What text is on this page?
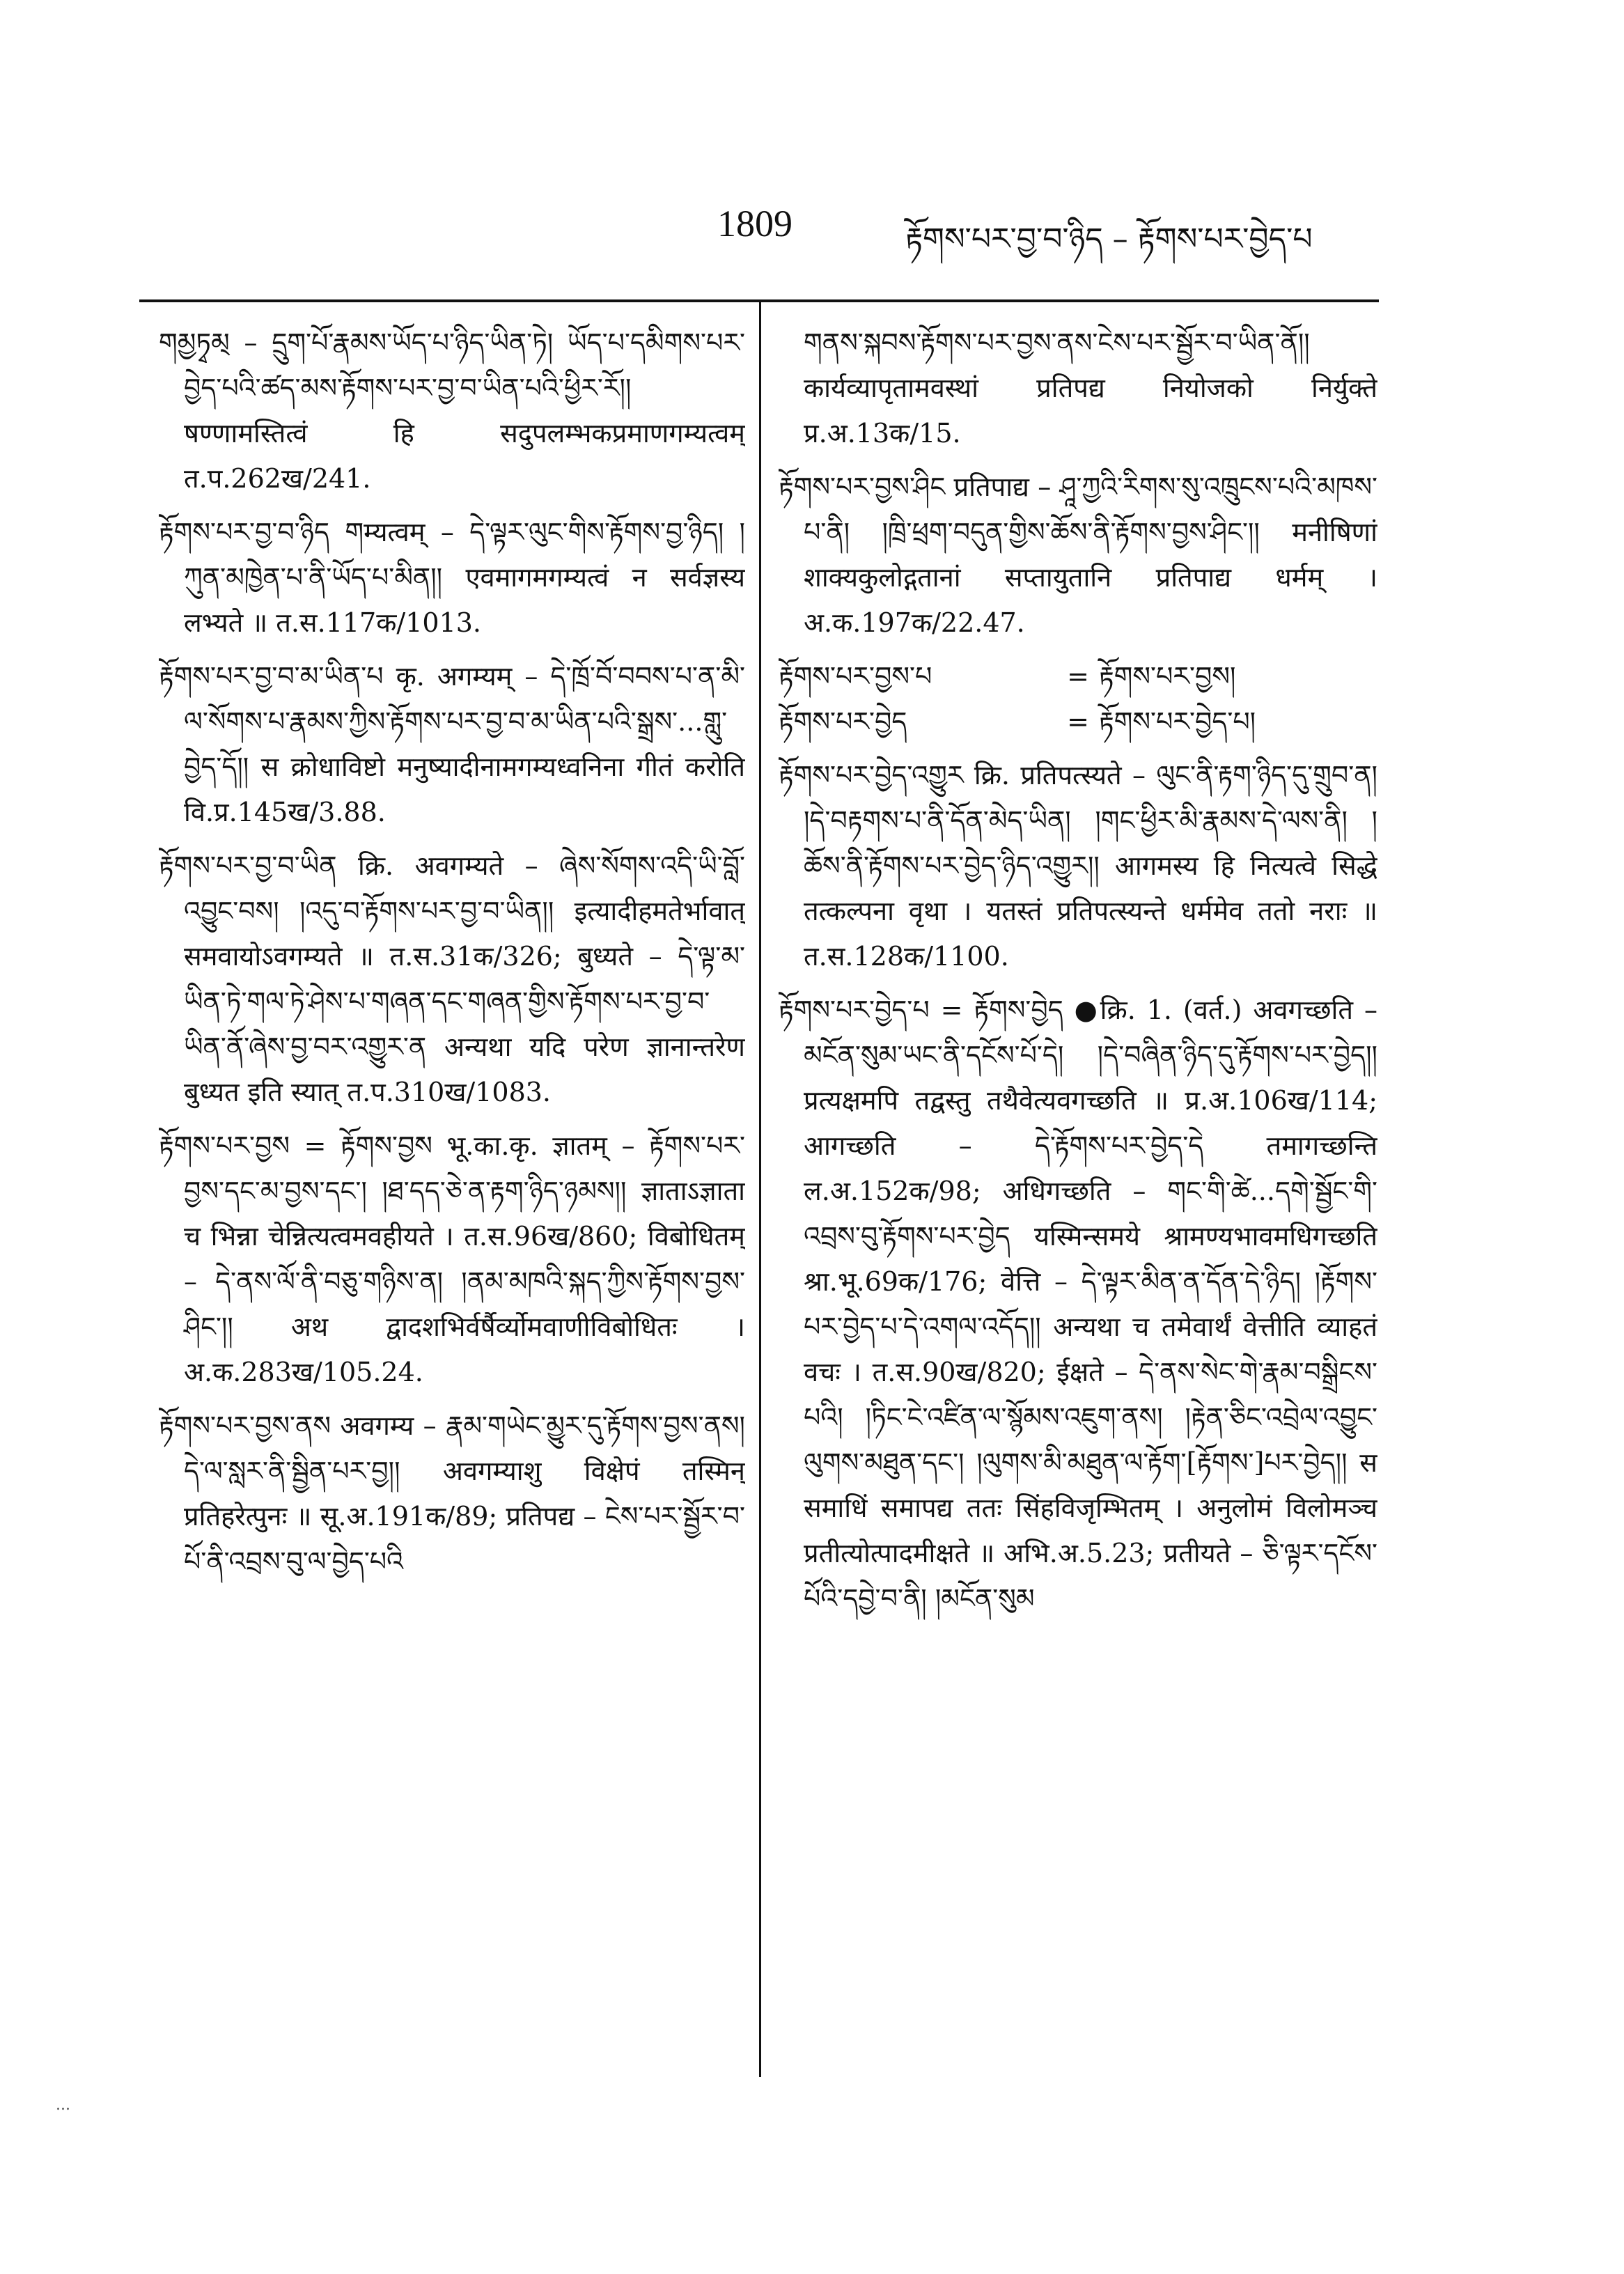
1809	རྟོགས་པར་བྱ་བ་ཉིད – རྟོགས་པར་བྱེད་པ

གམྱཏྭམ྄ – དྲུག་པོ་རྣམས་ཡོད་པ་ཉིད་ཡིན་ཏེ། ཡོད་པ་དམིགས་པར་བྱེད་པའི་ཚད་མས་རྟོགས་པར་བྱ་བ་ཡིན་པའི་ཕྱིར་རོ།། षण्णामस्तित्वं हि सदुपलम्भकप्रमाणगम्यत्वम् त.प.262ख/241.

རྟོགས་པར་བྱ་བ་ཉིད གम्यत्वम् – དེ་ལྟར་ལུང་གིས་རྟོགས་བྱ་ཉིད། །ཀུན་མཁྱེན་པ་ནི་ཡོད་པ་མིན།། एवमागमगम्यत्वं न सर्वज्ञस्य लभ्यते ॥ त.स.117क/1013.

རྟོགས་པར་བྱ་བ་མ་ཡིན་པ कृ. अगम्यम् – དེ་ཁྲོ་བོ་བབས་པ་ན་མི་ལ་སོགས་པ་རྣམས་ཀྱིས་རྟོགས་པར་བྱ་བ་མ་ཡིན་པའི་སྒྲས་...གླུ་བྱེད་དོ།། स क्रोधाविष्टो मनुष्यादीनामगम्यध्वनिना गीतं करोति वि.प्र.145ख/3.88.

རྟོགས་པར་བྱ་བ་ཡིན क्रि. अवगम्यते – ཞེས་སོགས་འདི་ཡི་བློ་འབྱུང་བས། །འདུ་བ་རྟོགས་པར་བྱ་བ་ཡིན།། इत्यादीहमतेर्भावात् समवायोऽवगम्यते ॥ त.स.31क/326; बुध्यते – དེ་ལྟ་མ་ཡིན་ཏེ་གལ་ཏེ་ཤེས་པ་གཞན་དང་གཞན་གྱིས་རྟོགས་པར་བྱ་བ་ཡིན་ནོ་ཞེས་བྱ་བར་འགྱུར་ན अन्यथा यदि परेण ज्ञानान्तरेण बुध्यत इति स्यात् त.प.310ख/1083.

རྟོགས་པར་བྱས = རྟོགས་བྱས भू.का.कृ. ज्ञातम् – རྟོགས་པར་བྱས་དང་མ་བྱས་དང་། །ཐ་དད་ཅེ་ན་རྟག་ཉིད་ཉམས།། ज्ञाताऽज्ञाता च भिन्ना चेन्नित्यत्वमवहीयते । त.स.96ख/860; विबोधितम् – དེ་ནས་ལོ་ནི་བཅུ་གཉིས་ན། །ནམ་མཁའི་སྐད་ཀྱིས་རྟོགས་བྱས་ཤིང་།། अथ द्वादशभिर्वर्षैर्व्योमवाणीविबोधितः । अ.क.283ख/105.24.

རྟོགས་པར་བྱས་ནས अवगम्य – རྣམ་གཡེང་མྱུར་དུ་རྟོགས་བྱས་ནས། དེ་ལ་སླར་ནི་སྦྱིན་པར་བྱ།། अवगम्याशु विक्षेपं तस्मिन् प्रतिहरेत्पुनः ॥ सू.अ.191क/89; प्रतिपद्य – ངེས་པར་སྦྱོར་བ་པོ་ནི་འབྲས་བུ་ལ་བྱེད་པའི

གནས་སྐབས་རྟོགས་པར་བྱས་ནས་ངེས་པར་སྦྱོར་བ་ཡིན་ནོ།། कार्यव्यापृतामवस्थां प्रतिपद्य नियोजको निर्युक्ते प्र.अ.13क/15.

རྟོགས་པར་བྱས་ཤིང प्रतिपाद्य – ཤཱ་ཀྱའི་རིགས་སུ་འཁྲུངས་པའི་མཁས་པ་ནི། །ཁྲི་ཕྲག་བདུན་གྱིས་ཆོས་ནི་རྟོགས་བྱས་ཤིང་།། मनीषिणां शाक्यकुलोद्गतानां सप्तायुतानि प्रतिपाद्य धर्मम् । अ.क.197क/22.47.

རྟོགས་པར་བྱས་པ	= རྟོགས་པར་བྱས།
རྟོགས་པར་བྱེད	= རྟོགས་པར་བྱེད་པ།

རྟོགས་པར་བྱེད་འགྱུར क्रि. प्रतिपत्स्यते – ལུང་ནི་རྟག་ཉིད་དུ་གྲུབ་ན། །དེ་བརྟགས་པ་ནི་དོན་མེད་ཡིན། །གང་ཕྱིར་མི་རྣམས་དེ་ལས་ནི། །ཆོས་ནི་རྟོགས་པར་བྱེད་ཉིད་འགྱུར།། आगमस्य हि नित्यत्वे सिद्धे तत्कल्पना वृथा । यतस्तं प्रतिपत्स्यन्ते धर्ममेव ततो नराः ॥ त.स.128क/1100.

རྟོགས་པར་བྱེད་པ = རྟོགས་བྱེད ●क्रि. 1. (वर्त.) अवगच्छति – མངོན་སུམ་ཡང་ནི་དངོས་པོ་དེ། །དེ་བཞིན་ཉིད་དུ་རྟོགས་པར་བྱེད།། प्रत्यक्षमपि तद्वस्तु तथैवेत्यवगच्छति ॥ प्र.अ.106ख/114; आगच्छति – དེ་རྟོགས་པར་བྱེད་དེ तमागच्छन्ति ल.अ.152क/98; अधिगच्छति – གང་གི་ཚེ...དགེ་སྦྱོང་གི་འབྲས་བུ་རྟོགས་པར་བྱེད यस्मिन्समये श्रामण्यभावमधिगच्छति श्रा.भू.69क/176; वेत्ति – དེ་ལྟར་མིན་ན་དོན་དེ་ཉིད། །རྟོགས་པར་བྱེད་པ་དེ་འགལ་འདོད།། अन्यथा च तमेवार्थं वेत्तीति व्याहतं वचः । त.स.90ख/820; ईक्षते – དེ་ནས་སེང་གེ་རྣམ་བསྒྲིངས་པའི། །ཏིང་ངེ་འཛིན་ལ་སྙོམས་འཇུག་ནས། །རྟེན་ཅིང་འབྲེལ་འབྱུང་ལུགས་མཐུན་དང་། །ལུགས་མི་མཐུན་ལ་རྟོག་[རྟོགས་]པར་བྱེད།། स समाधिं समापद्य ततः सिंहविजृम्भितम् । अनुलोमं विलोमञ्च प्रतीत्योत्पादमीक्षते ॥ अभि.अ.5.23; प्रतीयते – ཅི་ལྟར་དངོས་པོའི་དབྱེ་བ་ནི། །མངོན་སུམ

...
